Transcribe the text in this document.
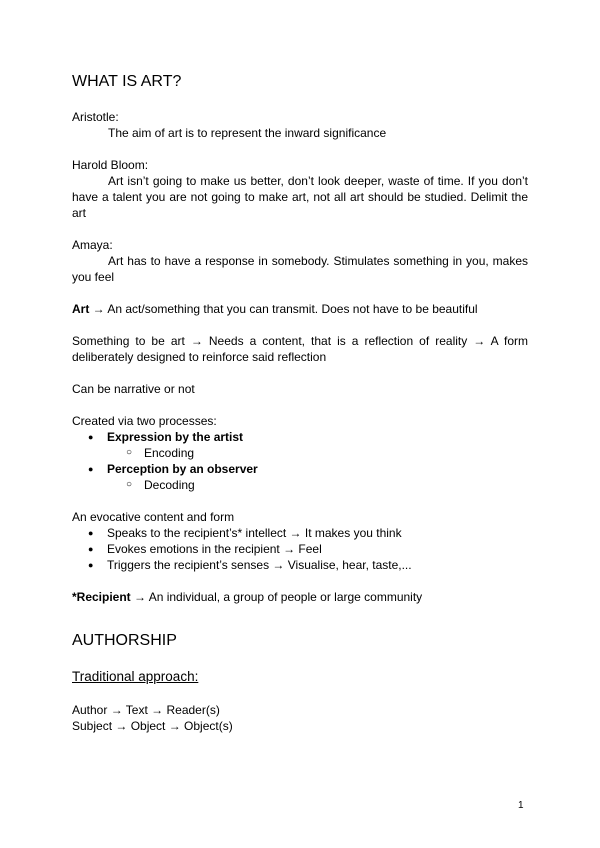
WHAT IS ART?

Aristotle:

The aim of art is to represent the inward significance

Harold Bloom:

Art isn’t going to make us better, don’t look deeper, waste of time. If you don’t have a talent you are not going to make art, not all art should be studied. Delimit the art

Amaya:

Art has to have a response in somebody. Stimulates something in you, makes you feel

Art → An act/something that you can transmit. Does not have to be beautiful

Something to be art → Needs a content, that is a reflection of reality → A form deliberately designed to reinforce said reflection

Can be narrative or not

Created via two processes:

● Expression by the artist
○ Encoding
● Perception by an observer
○ Decoding

An evocative content and form

● Speaks to the recipient’s* intellect → It makes you think
● Evokes emotions in the recipient → Feel
● Triggers the recipient’s senses → Visualise, hear, taste,...

*Recipient → An individual, a group of people or large community

AUTHORSHIP

Traditional approach:

Author → Text → Reader(s)

Subject → Object → Object(s)

1
